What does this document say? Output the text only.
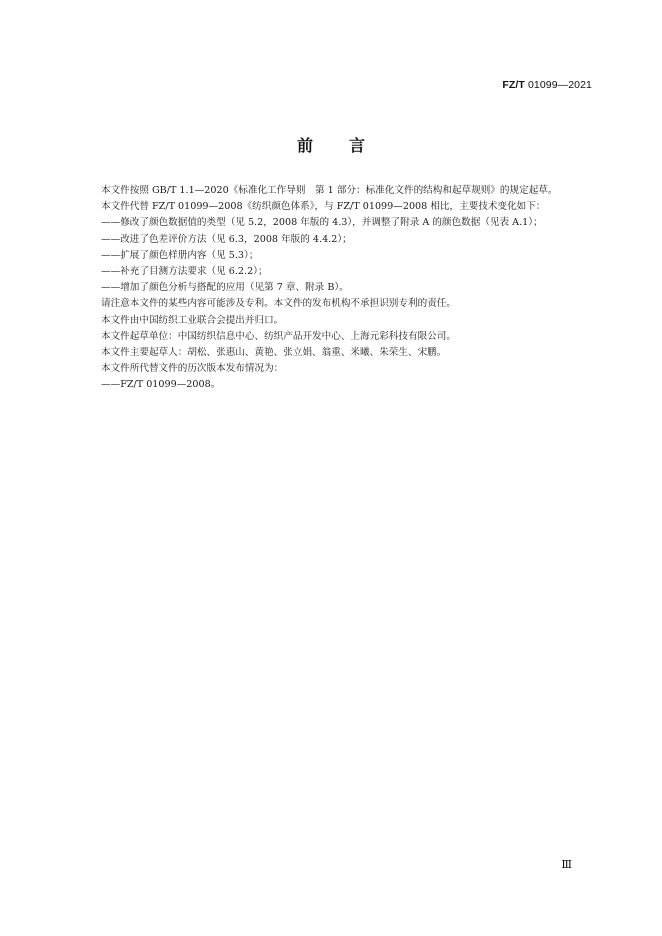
FZ/T 01099—2021
前 言

本文件按照 GB/T 1.1—2020《标准化工作导则　第 1 部分：标准化文件的结构和起草规则》的规定起草。

本文件代替 FZ/T 01099—2008《纺织颜色体系》，与 FZ/T 01099—2008 相比，主要技术变化如下：

——修改了颜色数据值的类型（见 5.2，2008 年版的 4.3），并调整了附录 A 的颜色数据（见表 A.1）；

——改进了色差评价方法（见 6.3，2008 年版的 4.4.2）；

——扩展了颜色样册内容（见 5.3）；

——补充了目测方法要求（见 6.2.2）；

——增加了颜色分析与搭配的应用（见第 7 章、附录 B）。

请注意本文件的某些内容可能涉及专利。本文件的发布机构不承担识别专利的责任。

本文件由中国纺织工业联合会提出并归口。

本文件起草单位：中国纺织信息中心、纺织产品开发中心、上海元彩科技有限公司。

本文件主要起草人：胡松、张惠山、黄艳、张立娟、翁重、米曦、朱荣生、宋鹏。

本文件所代替文件的历次版本发布情况为：

——FZ/T 01099—2008。

Ⅲ
